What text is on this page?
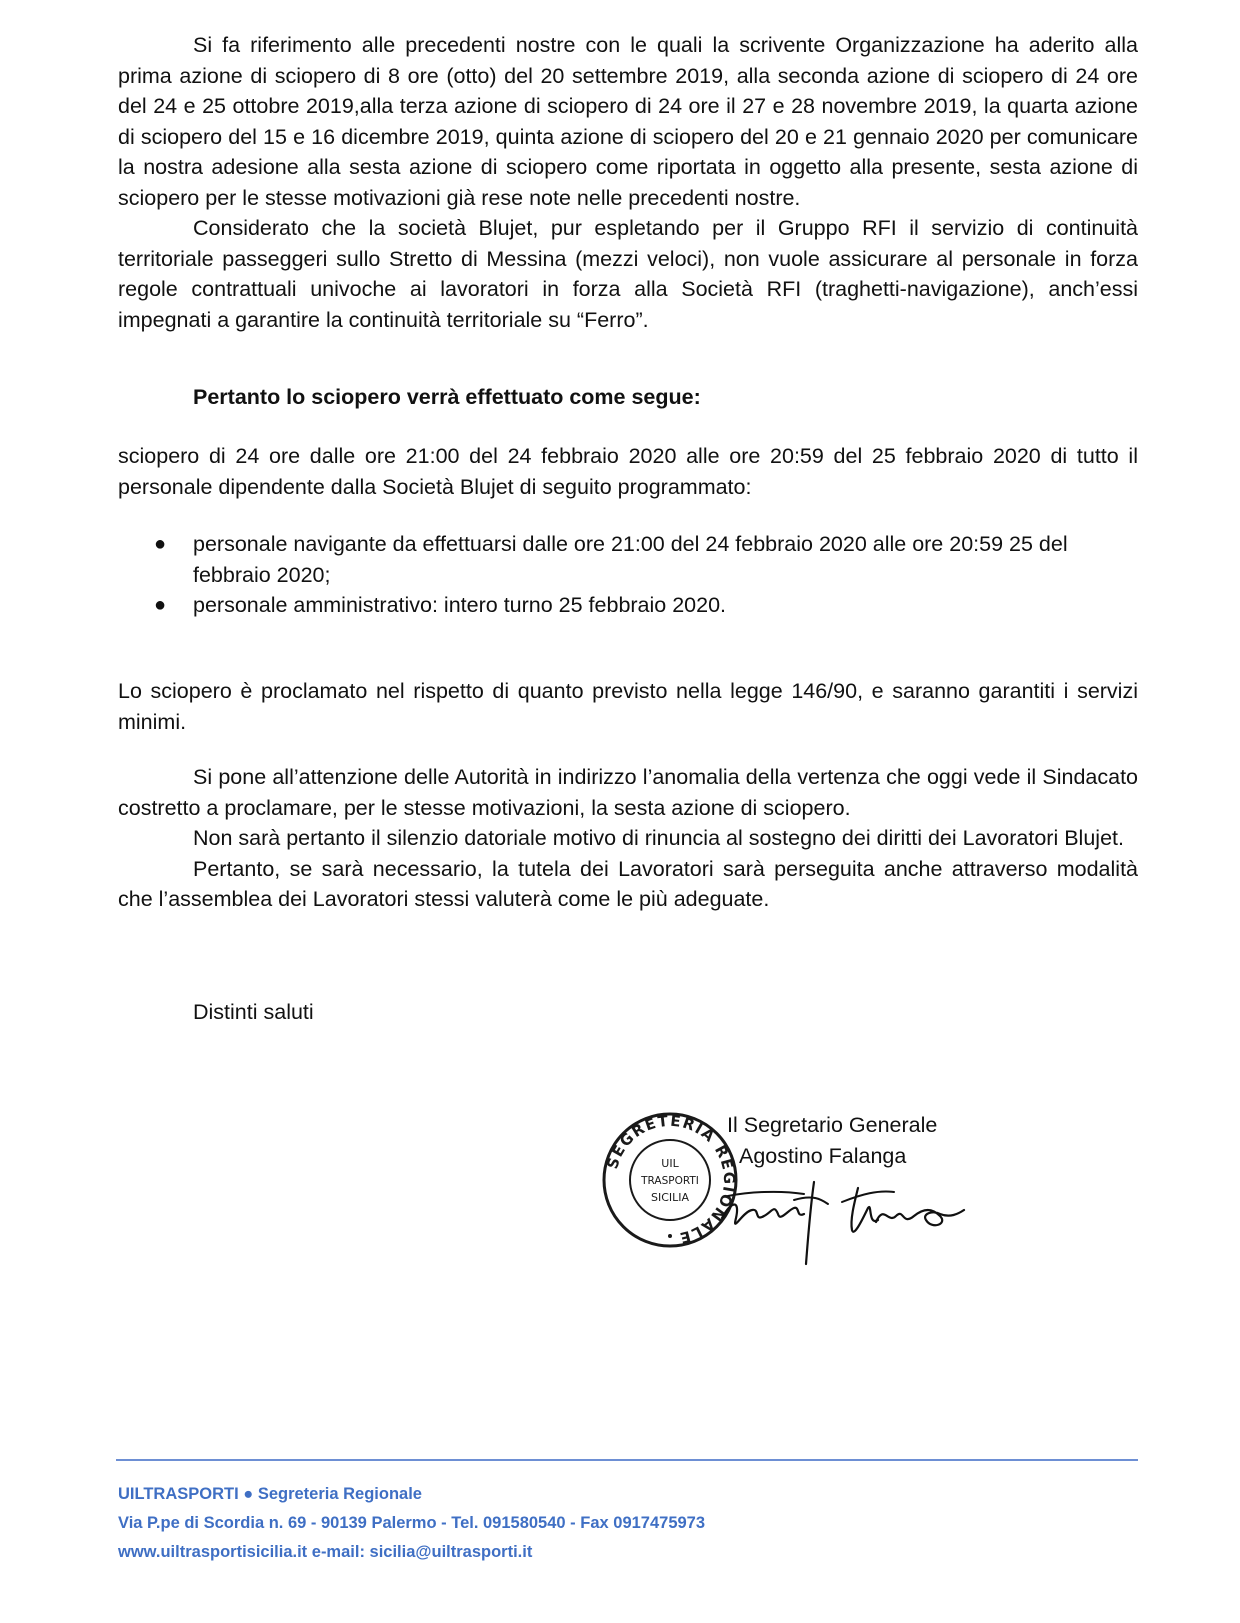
Si fa riferimento alle precedenti nostre con le quali la scrivente Organizzazione ha aderito alla prima azione di sciopero di 8 ore (otto) del 20 settembre 2019, alla seconda azione di sciopero di 24 ore del 24 e 25 ottobre 2019,alla terza azione di sciopero di 24 ore il 27 e 28 novembre 2019, la quarta azione di sciopero del 15 e 16 dicembre 2019, quinta azione di sciopero del 20 e 21 gennaio 2020 per comunicare la nostra adesione alla sesta azione di sciopero come riportata in oggetto alla presente, sesta azione di sciopero per le stesse motivazioni già rese note nelle precedenti nostre.

Considerato che la società Blujet, pur espletando per il Gruppo RFI il servizio di continuità territoriale passeggeri sullo Stretto di Messina (mezzi veloci), non vuole assicurare al personale in forza regole contrattuali univoche ai lavoratori in forza alla Società RFI (traghetti-navigazione), anch’essi impegnati a garantire la continuità territoriale su “Ferro”.

Pertanto lo sciopero verrà effettuato come segue:

sciopero di 24 ore dalle ore 21:00 del 24 febbraio 2020 alle ore 20:59 del 25 febbraio 2020 di tutto il personale dipendente dalla Società Blujet di seguito programmato:

● personale navigante da effettuarsi dalle ore 21:00 del 24 febbraio 2020 alle ore 20:59 25 del febbraio 2020;
● personale amministrativo: intero turno 25 febbraio 2020.

Lo sciopero è proclamato nel rispetto di quanto previsto nella legge 146/90, e saranno garantiti i servizi minimi.

Si pone all’attenzione delle Autorità in indirizzo l’anomalia della vertenza che oggi vede il Sindacato costretto a proclamare, per le stesse motivazioni, la sesta azione di sciopero.

Non sarà pertanto il silenzio datoriale motivo di rinuncia al sostegno dei diritti dei Lavoratori Blujet.

Pertanto, se sarà necessario, la tutela dei Lavoratori sarà perseguita anche attraverso modalità che l’assemblea dei Lavoratori stessi valuterà come le più adeguate.

Distinti saluti

SEGRETERIA REGIONALE
UIL
TRASPORTI
SICILIA
Il Segretario Generale
Agostino Falanga
UILTRASPORTI ● Segreteria Regionale
Via P.pe di Scordia n. 69 - 90139 Palermo - Tel. 091580540 - Fax 0917475973
www.uiltrasportisicilia.it e-mail: sicilia@uiltrasporti.it
